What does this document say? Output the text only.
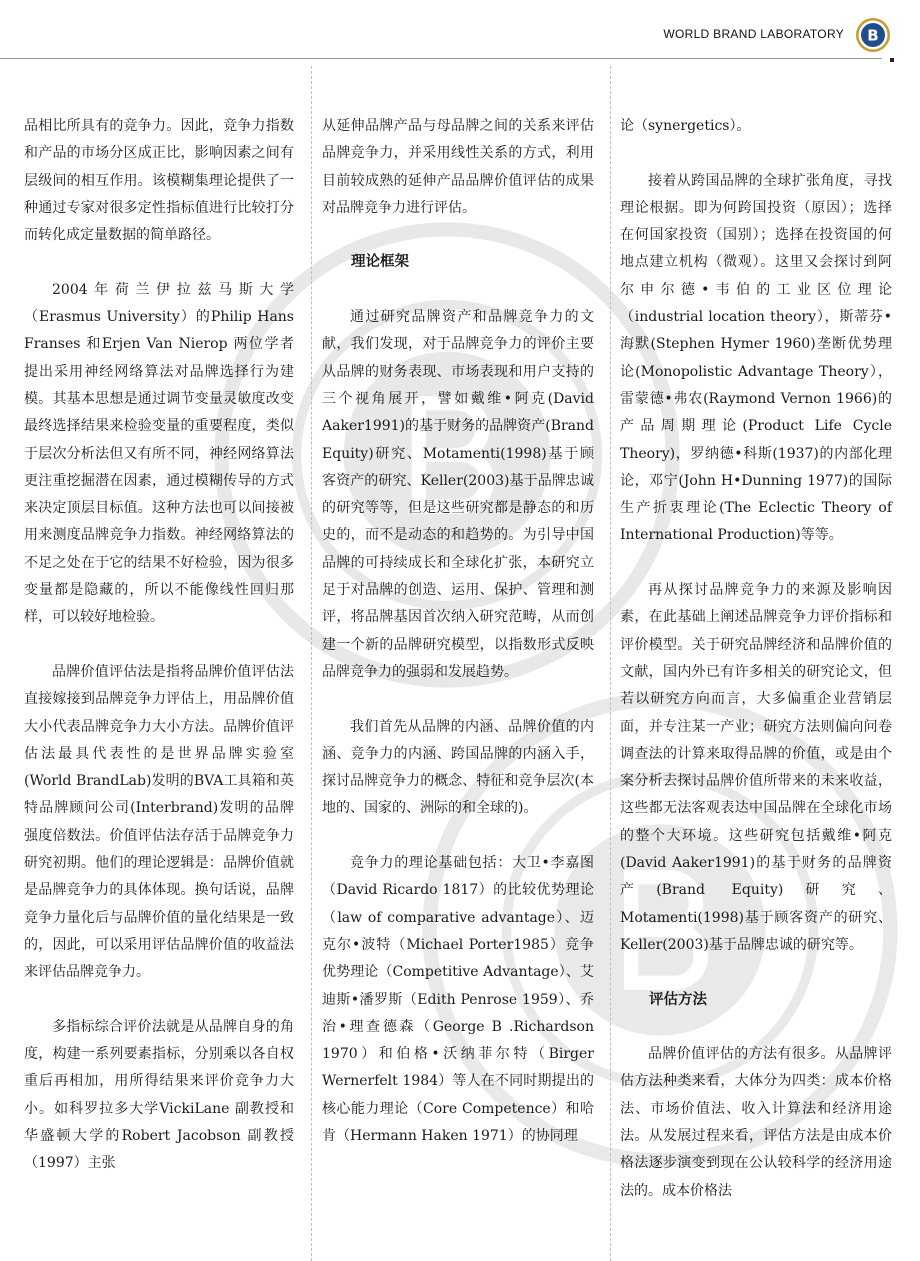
WORLD BRAND LABORATORY B

品相比所具有的竞争力。因此，竞争力指数和产品的市场分区成正比，影响因素之间有层级间的相互作用。该模糊集理论提供了一种通过专家对很多定性指标值进行比较打分而转化成定量数据的简单路径。

2004年荷兰伊拉兹马斯大学（Erasmus University）的Philip Hans Franses 和Erjen Van Nierop 两位学者提出采用神经网络算法对品牌选择行为建模。其基本思想是通过调节变量灵敏度改变最终选择结果来检验变量的重要程度，类似于层次分析法但又有所不同，神经网络算法更注重挖掘潜在因素，通过模糊传导的方式来决定顶层目标值。这种方法也可以间接被用来测度品牌竞争力指数。神经网络算法的不足之处在于它的结果不好检验，因为很多变量都是隐藏的，所以不能像线性回归那样，可以较好地检验。

品牌价值评估法是指将品牌价值评估法直接嫁接到品牌竞争力评估上，用品牌价值大小代表品牌竞争力大小方法。品牌价值评估法最具代表性的是世界品牌实验室(World BrandLab)发明的BVA工具箱和英特品牌顾问公司(Interbrand)发明的品牌强度倍数法。价值评估法存活于品牌竞争力研究初期。他们的理论逻辑是：品牌价值就是品牌竞争力的具体体现。换句话说，品牌竞争力量化后与品牌价值的量化结果是一致的，因此，可以采用评估品牌价值的收益法来评估品牌竞争力。

多指标综合评价法就是从品牌自身的角度，构建一系列要素指标，分别乘以各自权重后再相加，用所得结果来评价竞争力大小。如科罗拉多大学VickiLane 副教授和华盛顿大学的Robert Jacobson 副教授（1997）主张

从延伸品牌产品与母品牌之间的关系来评估品牌竞争力，并采用线性关系的方式，利用目前较成熟的延伸产品品牌价值评估的成果对品牌竞争力进行评估。

理论框架

通过研究品牌资产和品牌竞争力的文献，我们发现，对于品牌竞争力的评价主要从品牌的财务表现、市场表现和用户支持的三个视角展开，譬如戴维•阿克(David Aaker1991)的基于财务的品牌资产(Brand Equity)研究、Motamenti(1998)基于顾客资产的研究、Keller(2003)基于品牌忠诚的研究等等，但是这些研究都是静态的和历史的，而不是动态的和趋势的。为引导中国品牌的可持续成长和全球化扩张，本研究立足于对品牌的创造、运用、保护、管理和测评，将品牌基因首次纳入研究范畴，从而创建一个新的品牌研究模型，以指数形式反映品牌竞争力的强弱和发展趋势。

我们首先从品牌的内涵、品牌价值的内涵、竞争力的内涵、跨国品牌的内涵入手，探讨品牌竞争力的概念、特征和竞争层次(本地的、国家的、洲际的和全球的)。

竞争力的理论基础包括：大卫•李嘉图（David Ricardo 1817）的比较优势理论（law of comparative advantage）、迈克尔•波特（Michael Porter1985）竞争优势理论（Competitive Advantage）、艾迪斯•潘罗斯（Edith Penrose 1959）、乔治•理查德森（George B .Richardson 1970）和伯格•沃纳菲尔特（Birger Wernerfelt 1984）等人在不同时期提出的核心能力理论（Core Competence）和哈肯（Hermann Haken 1971）的协同理

论（synergetics）。

接着从跨国品牌的全球扩张角度，寻找理论根据。即为何跨国投资（原因）；选择在何国家投资（国别）；选择在投资国的何地点建立机构（微观）。这里又会探讨到阿尔申尔德•韦伯的工业区位理论（industrial location theory），斯蒂芬•海默(Stephen Hymer 1960)垄断优势理论(Monopolistic Advantage Theory），雷蒙德•弗农(Raymond Vernon 1966)的产品周期理论(Product Life Cycle Theory)，罗纳德•科斯(1937)的内部化理论，邓宁(John H•Dunning 1977)的国际生产折衷理论(The Eclectic Theory of International Production)等等。

再从探讨品牌竞争力的来源及影响因素，在此基础上阐述品牌竞争力评价指标和评价模型。关于研究品牌经济和品牌价值的文献，国内外已有许多相关的研究论文，但若以研究方向而言，大多偏重企业营销层面，并专注某一产业；研究方法则偏向问卷调查法的计算来取得品牌的价值，或是由个案分析去探讨品牌价值所带来的未来收益，这些都无法客观表达中国品牌在全球化市场的整个大环境。这些研究包括戴维•阿克(David Aaker1991)的基于财务的品牌资产(Brand Equity)研究、Motamenti(1998)基于顾客资产的研究、Keller(2003)基于品牌忠诚的研究等。

评估方法

品牌价值评估的方法有很多。从品牌评估方法种类来看，大体分为四类：成本价格法、市场价值法、收入计算法和经济用途法。从发展过程来看，评估方法是由成本价格法逐步演变到现在公认较科学的经济用途法的。成本价格法
